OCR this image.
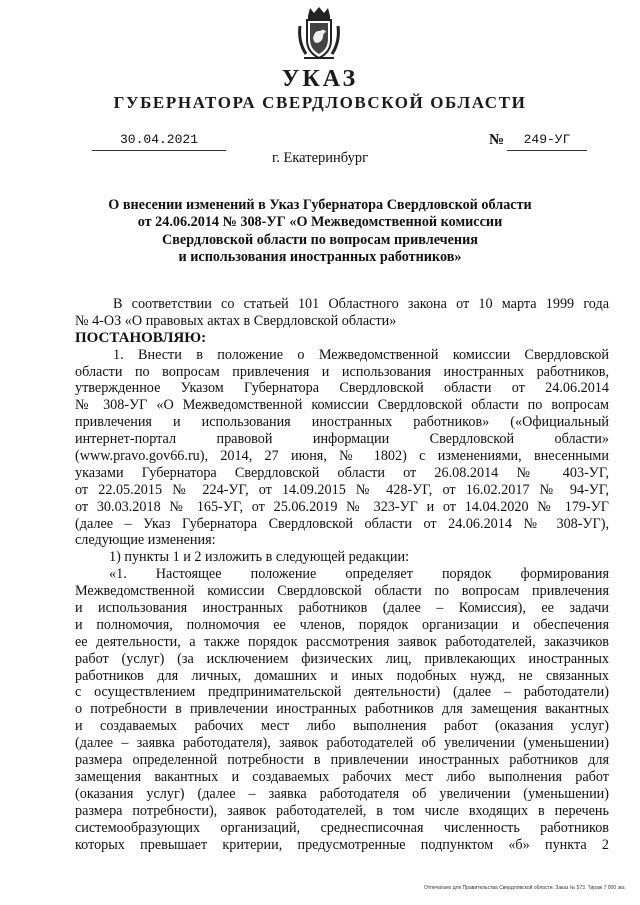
УКАЗ
ГУБЕРНАТОРА СВЕРДЛОВСКОЙ ОБЛАСТИ
30.04.2021	№	249-УГ
г. Екатеринбург
О внесении изменений в Указ Губернатора Свердловской области
от 24.06.2014 № 308-УГ «О Межведомственной комиссии
Свердловской области по вопросам привлечения
и использования иностранных работников»
В соответствии со статьей 101 Областного закона от 10 марта 1999 года
№ 4-ОЗ «О правовых актах в Свердловской области»
ПОСТАНОВЛЯЮ:
1. Внести в положение о Межведомственной комиссии Свердловской
области по вопросам привлечения и использования иностранных работников,
утвержденное Указом Губернатора Свердловской области от 24.06.2014
№ 308-УГ «О Межведомственной комиссии Свердловской области по вопросам
привлечения и использования иностранных работников» («Официальный
интернет-портал правовой информации Свердловской области»
(www.pravo.gov66.ru), 2014, 27 июня, № 1802) с изменениями, внесенными
указами Губернатора Свердловской области от 26.08.2014 № 403-УГ,
от 22.05.2015 № 224-УГ, от 14.09.2015 № 428-УГ, от 16.02.2017 № 94-УГ,
от 30.03.2018 № 165-УГ, от 25.06.2019 № 323-УГ и от 14.04.2020 № 179-УГ
(далее – Указ Губернатора Свердловской области от 24.06.2014 № 308-УГ),
следующие изменения:
1) пункты 1 и 2 изложить в следующей редакции:
«1. Настоящее положение определяет порядок формирования
Межведомственной комиссии Свердловской области по вопросам привлечения
и использования иностранных работников (далее – Комиссия), ее задачи
и полномочия, полномочия ее членов, порядок организации и обеспечения
ее деятельности, а также порядок рассмотрения заявок работодателей, заказчиков
работ (услуг) (за исключением физических лиц, привлекающих иностранных
работников для личных, домашних и иных подобных нужд, не связанных
с осуществлением предпринимательской деятельности) (далее – работодатели)
о потребности в привлечении иностранных работников для замещения вакантных
и создаваемых рабочих мест либо выполнения работ (оказания услуг)
(далее – заявка работодателя), заявок работодателей об увеличении (уменьшении)
размера определенной потребности в привлечении иностранных работников для
замещения вакантных и создаваемых рабочих мест либо выполнения работ
(оказания услуг) (далее – заявка работодателя об увеличении (уменьшении)
размера потребности), заявок работодателей, в том числе входящих в перечень
системообразующих организаций, среднесписочная численность работников
которых превышает критерии, предусмотренные подпунктом «б» пункта 2
Отпечатано для Правительства Свердловской области. Заказ № 573. Тираж 7 000 экз.
